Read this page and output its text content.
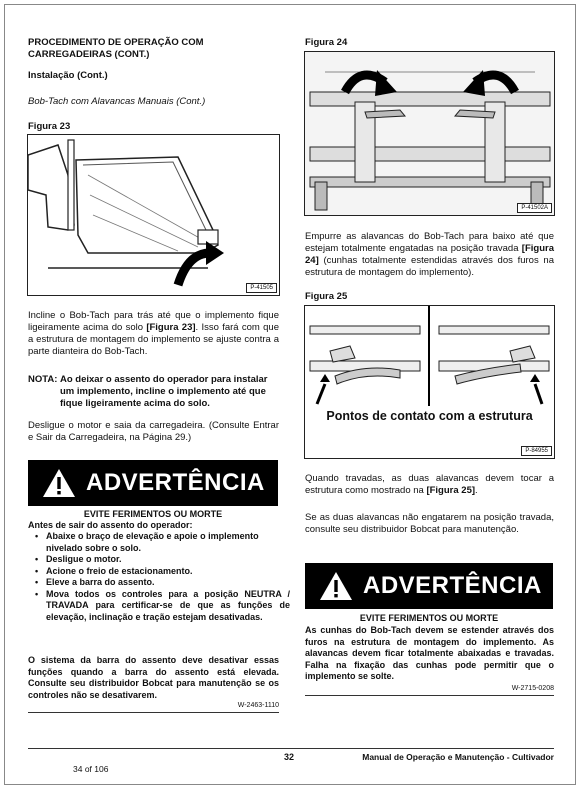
PROCEDIMENTO DE OPERAÇÃO COM CARREGADEIRAS (CONT.)
Instalação (Cont.)
Bob-Tach com Alavancas Manuais (Cont.)
Figura 23
P-41505
Incline o Bob-Tach para trás até que o implemento fique ligeiramente acima do solo [Figura 23]. Isso fará com que a estrutura de montagem do implemento se ajuste contra a parte dianteira do Bob-Tach.
NOTA: Ao deixar o assento do operador para instalar um implemento, incline o implemento até que fique ligeiramente acima do solo.
Desligue o motor e saia da carregadeira. (Consulte Entrar e Sair da Carregadeira, na Página 29.)
ADVERTÊNCIA
EVITE FERIMENTOS OU MORTE
Antes de sair do assento do operador:
• Abaixe o braço de elevação e apoie o implemento nivelado sobre o solo.
• Desligue o motor.
• Acione o freio de estacionamento.
• Eleve a barra do assento.
• Mova todos os controles para a posição NEUTRA / TRAVADA para certificar-se de que as funções de elevação, inclinação e tração estejam desativadas.
O sistema da barra do assento deve desativar essas funções quando a barra do assento está elevada. Consulte seu distribuidor Bobcat para manutenção se os controles não se desativarem.
W-2463-1110
Figura 24
P-41502A
Empurre as alavancas do Bob-Tach para baixo até que estejam totalmente engatadas na posição travada [Figura 24] (cunhas totalmente estendidas através dos furos na estrutura de montagem do implemento).
Figura 25
Pontos de contato com a estrutura
P-84955
Quando travadas, as duas alavancas devem tocar a estrutura como mostrado na [Figura 25].
Se as duas alavancas não engatarem na posição travada, consulte seu distribuidor Bobcat para manutenção.
ADVERTÊNCIA
EVITE FERIMENTOS OU MORTE
As cunhas do Bob-Tach devem se estender através dos furos na estrutura de montagem do implemento. As alavancas devem ficar totalmente abaixadas e travadas. Falha na fixação das cunhas pode permitir que o implemento se solte.
W-2715-0208
32	Manual de Operação e Manutenção - Cultivador
34 of 106
